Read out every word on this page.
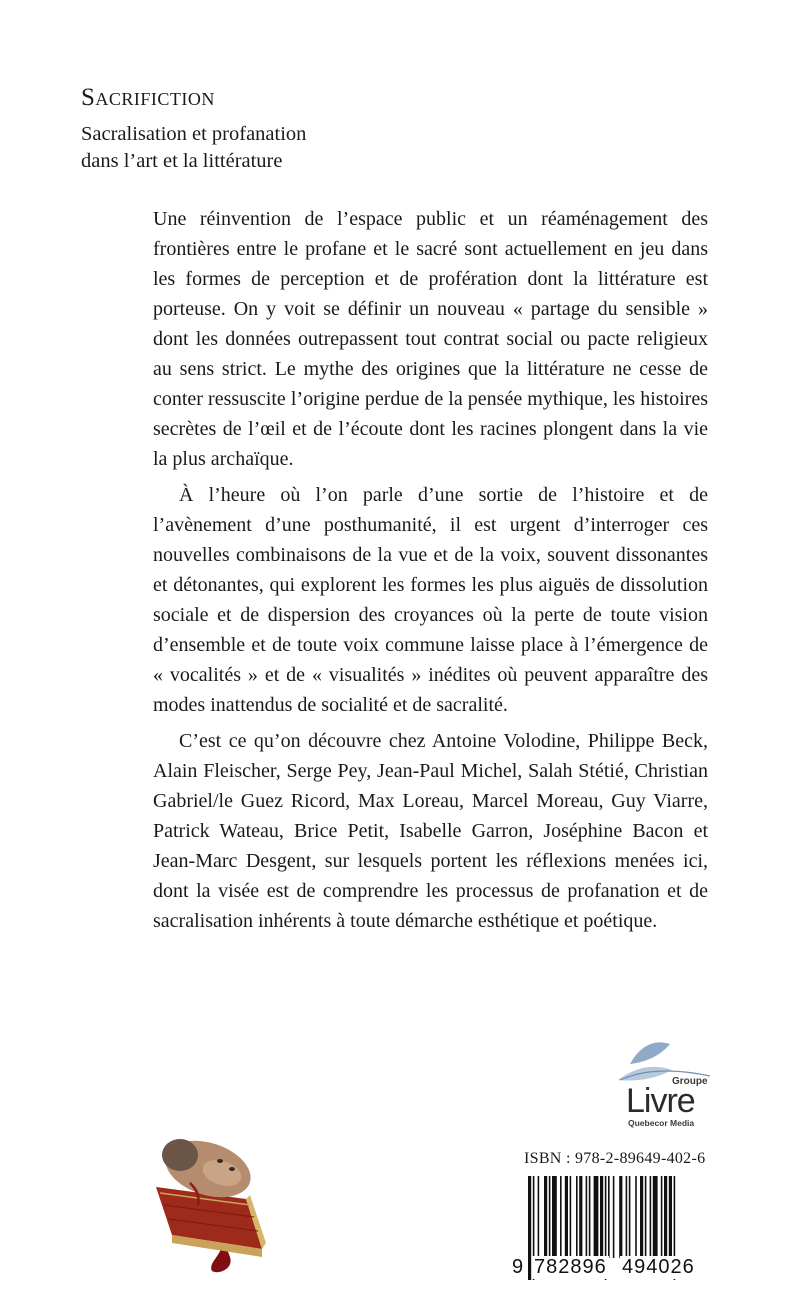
Sacrifiction
Sacralisation et profanation
dans l’art et la littérature

Une réinvention de l’espace public et un réaménagement des frontières entre le profane et le sacré sont actuellement en jeu dans les formes de perception et de profération dont la littérature est porteuse. On y voit se définir un nouveau « partage du sensible » dont les données outrepassent tout contrat social ou pacte religieux au sens strict. Le mythe des origines que la littérature ne cesse de conter ressuscite l’origine perdue de la pensée mythique, les histoires secrètes de l’œil et de l’écoute dont les racines plongent dans la vie la plus archaïque.

À l’heure où l’on parle d’une sortie de l’histoire et de l’avènement d’une posthumanité, il est urgent d’interroger ces nouvelles combinaisons de la vue et de la voix, souvent dissonantes et détonantes, qui explorent les formes les plus aiguës de dissolution sociale et de dispersion des croyances où la perte de toute vision d’ensemble et de toute voix commune laisse place à l’émergence de « vocalités » et de « visualités » inédites où peuvent apparaître des modes inattendus de socialité et de sacralité.

C’est ce qu’on découvre chez Antoine Volodine, Philippe Beck, Alain Fleischer, Serge Pey, Jean-Paul Michel, Salah Stétié, Christian Gabriel/le Guez Ricord, Max Loreau, Marcel Moreau, Guy Viarre, Patrick Wateau, Brice Petit, Isabelle Garron, Joséphine Bacon et Jean-Marc Desgent, sur lesquels portent les réflexions menées ici, dont la visée est de comprendre les processus de profanation et de sacralisation inhérents à toute démarche esthétique et poétique.

Groupe
Livre
Quebecor Media
ISBN : 978-2-89649-402-6
9 782896 494026
